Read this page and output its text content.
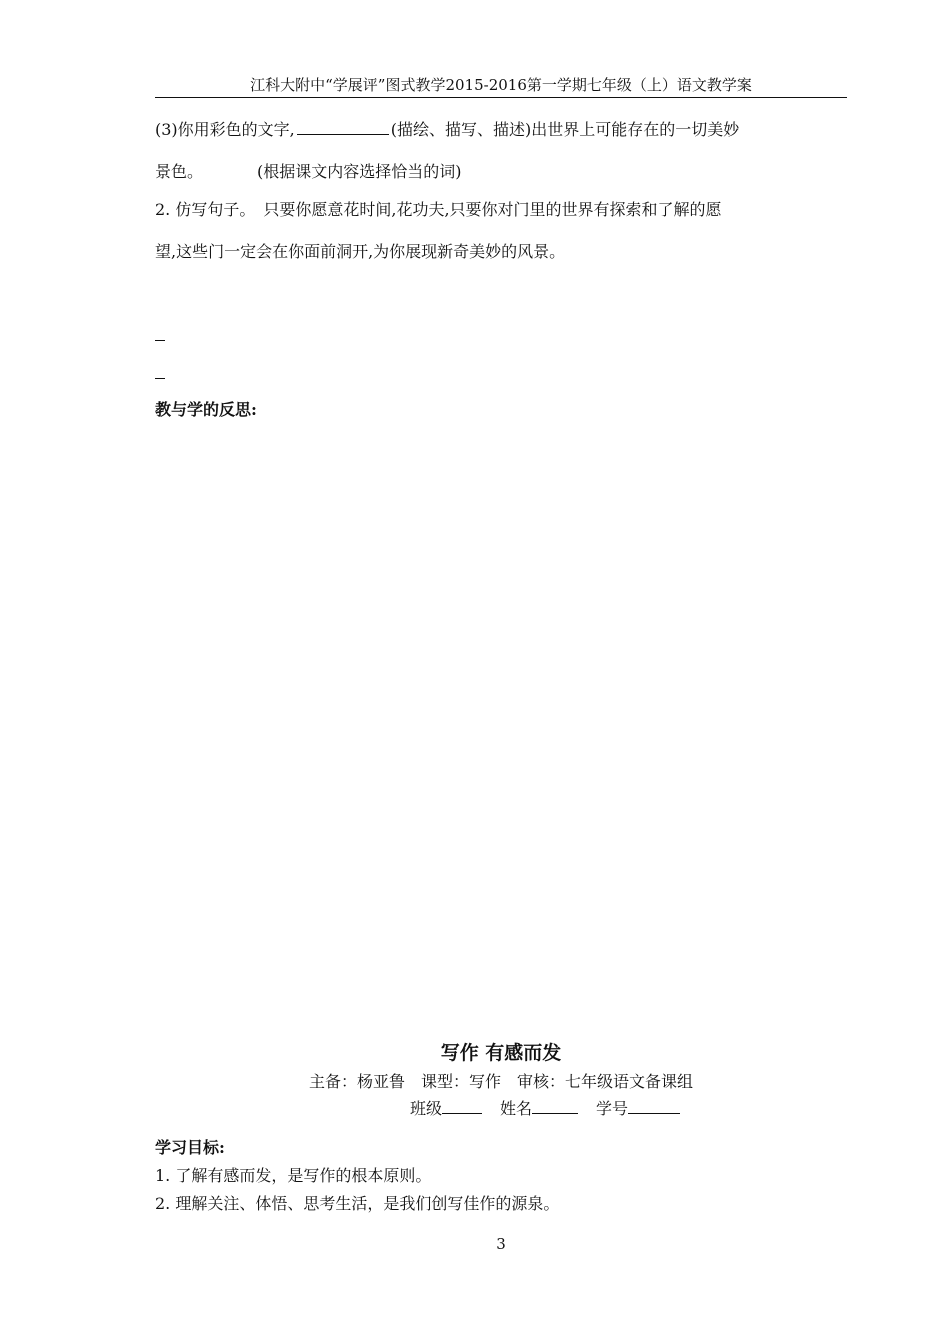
江科大附中“学展评”图式教学2015-2016第一学期七年级（上）语文教学案
(3)你用彩色的文字,	(描绘、描写、描述)出世界上可能存在的一切美妙
景色。	(根据课文内容选择恰当的词)
2. 仿写句子。　只要你愿意花时间,花功夫,只要你对门里的世界有探索和了解的愿
望,这些门一定会在你面前洞开,为你展现新奇美妙的风景。
教与学的反思:
写作 有感而发
主备：杨亚鲁　课型：写作　审核：七年级语文备课组
班级	姓名	学号
学习目标:
1. 了解有感而发，是写作的根本原则。
2. 理解关注、体悟、思考生活，是我们创写佳作的源泉。
3
